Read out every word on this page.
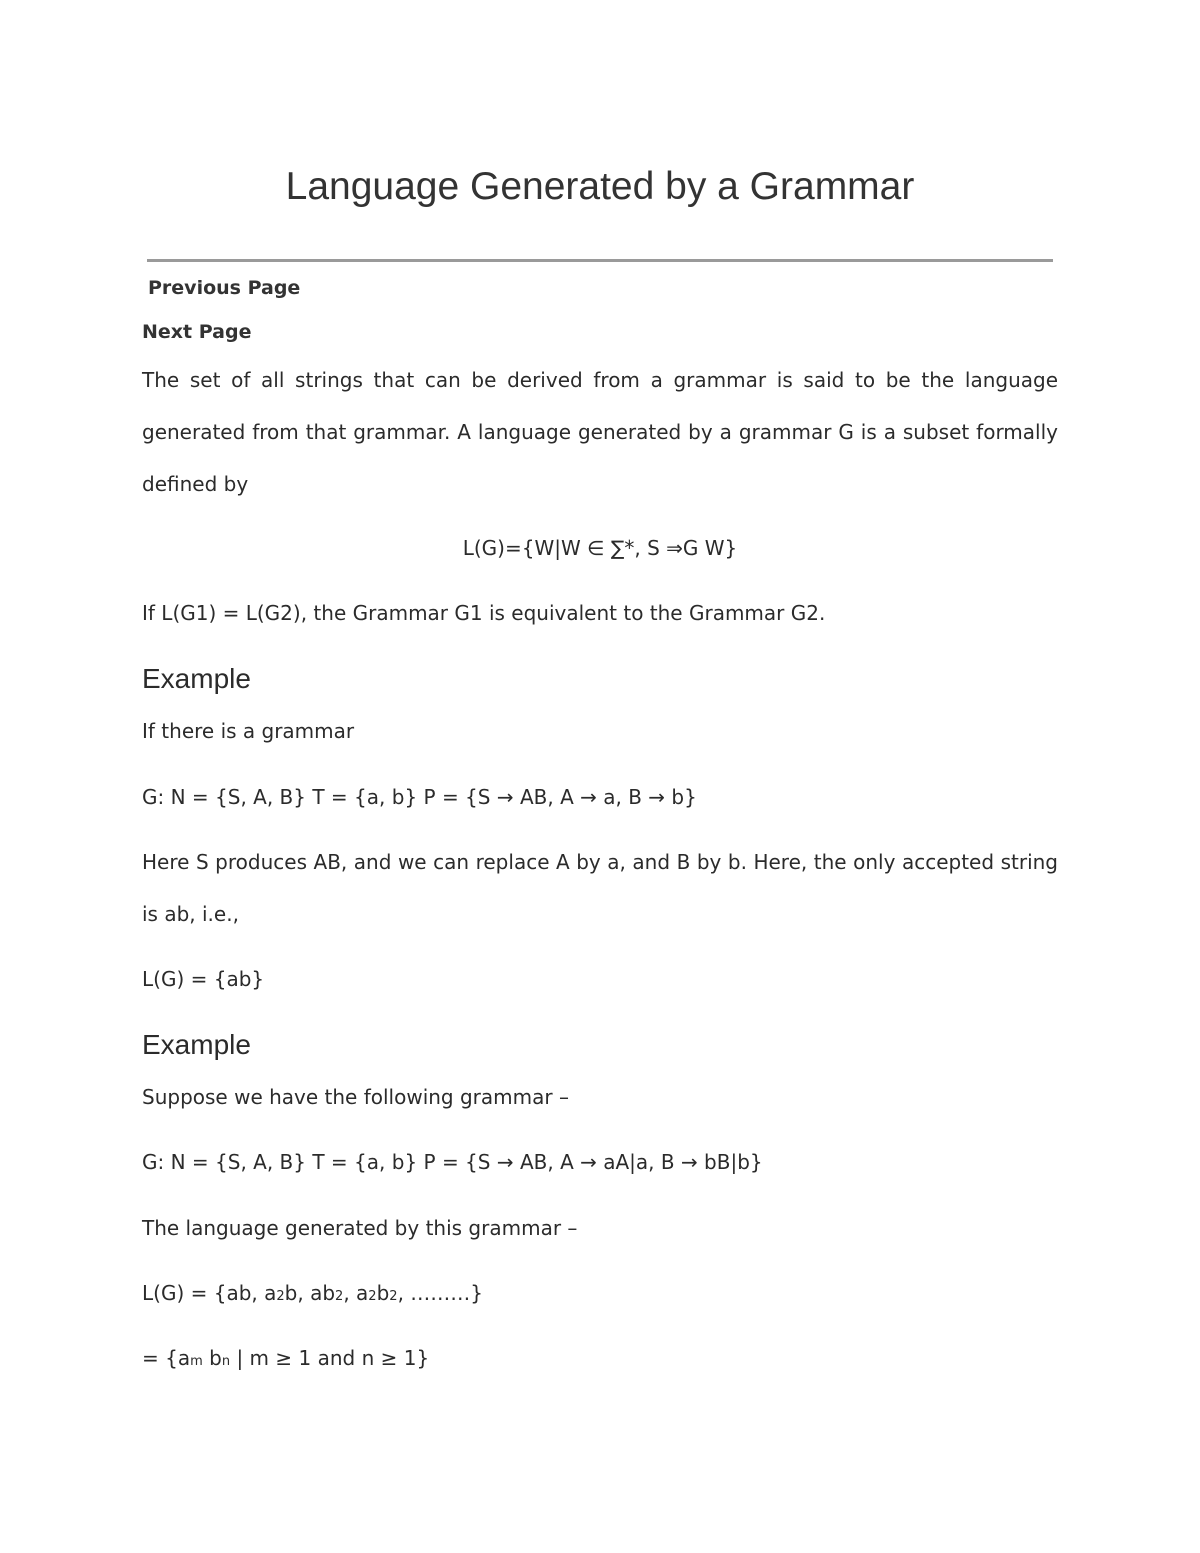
Language Generated by a Grammar
Previous Page
Next Page

The set of all strings that can be derived from a grammar is said to be the language generated from that grammar. A language generated by a grammar G is a subset formally defined by

L(G)={W|W ∈ ∑*, S ⇒G W}

If L(G1) = L(G2), the Grammar G1 is equivalent to the Grammar G2.

Example

If there is a grammar

G: N = {S, A, B} T = {a, b} P = {S → AB, A → a, B → b}

Here S produces AB, and we can replace A by a, and B by b. Here, the only accepted string is ab, i.e.,

L(G) = {ab}

Example

Suppose we have the following grammar –

G: N = {S, A, B} T = {a, b} P = {S → AB, A → aA|a, B → bB|b}

The language generated by this grammar –

L(G) = {ab, a2b, ab2, a2b2, ………}

= {am bn | m ≥ 1 and n ≥ 1}
